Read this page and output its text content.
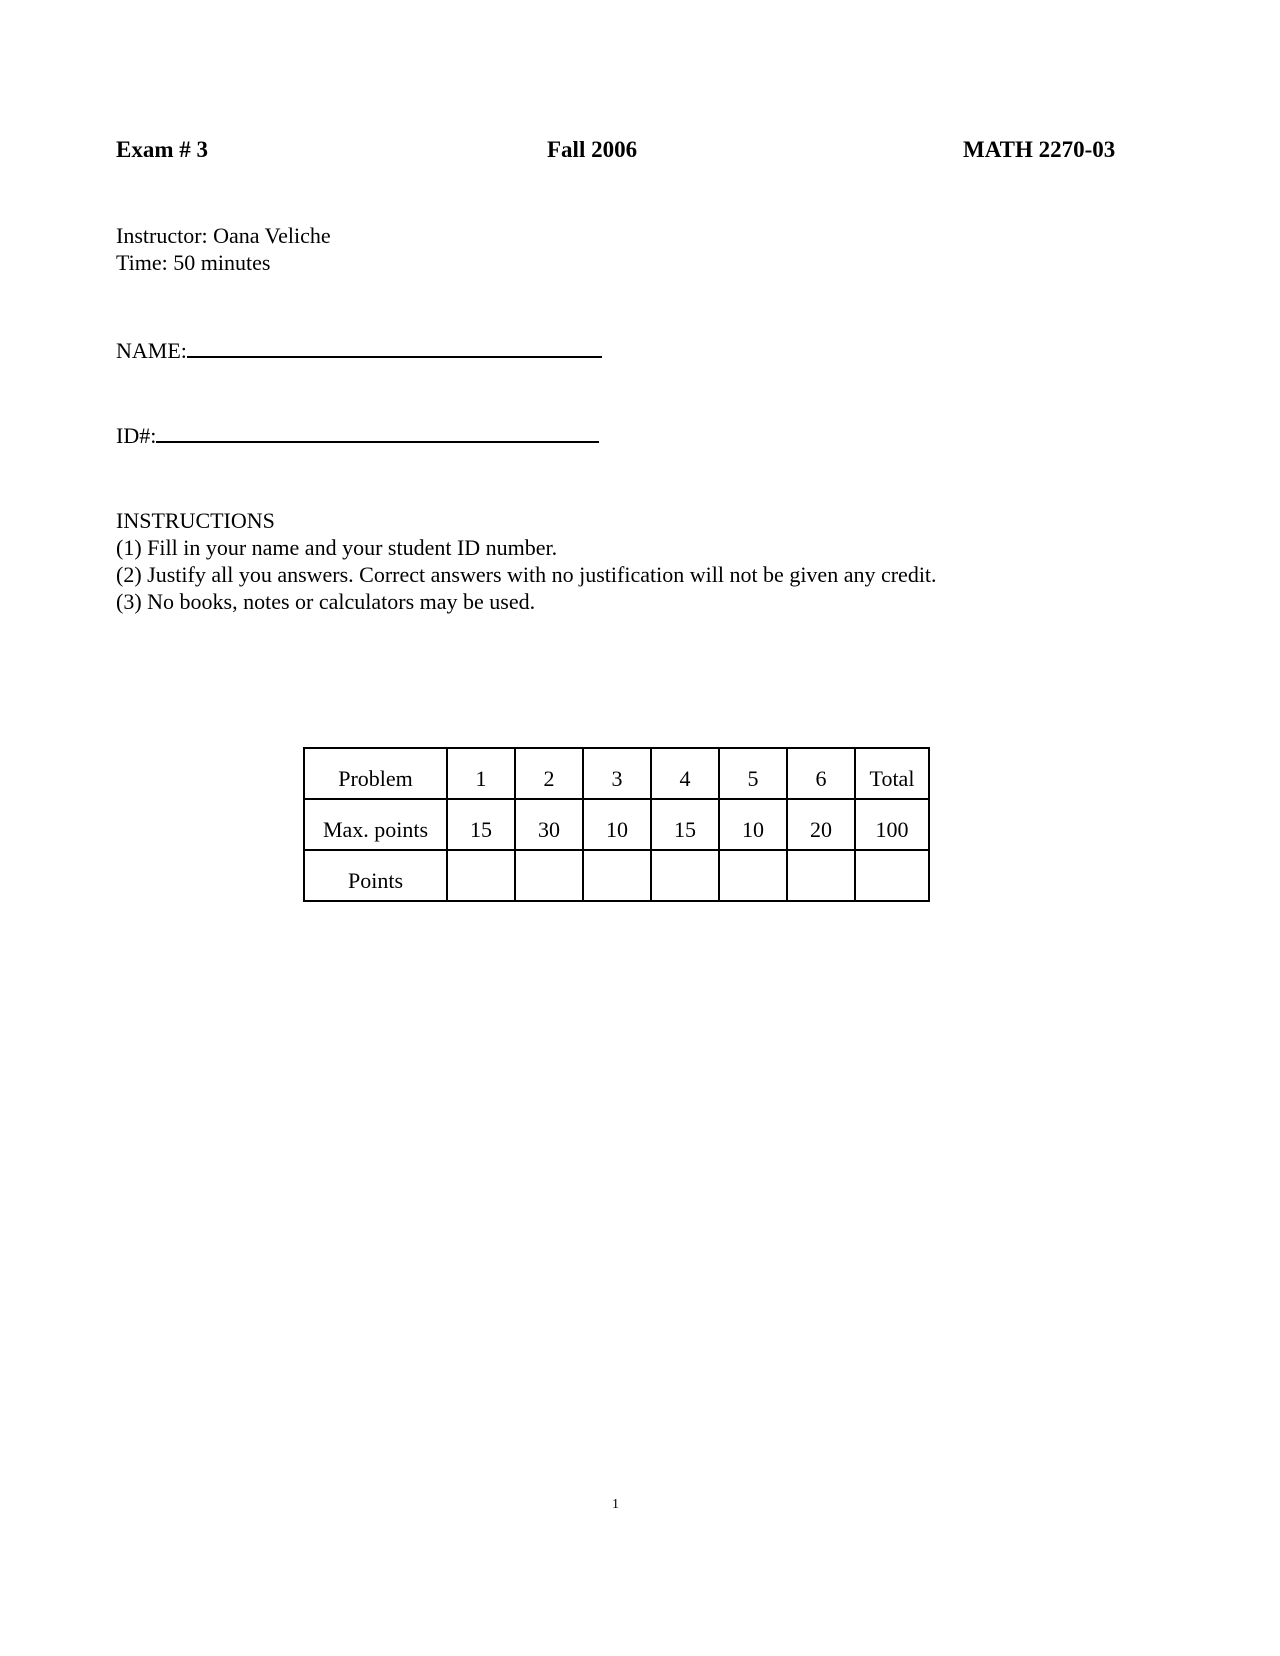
Exam # 3	Fall 2006	MATH 2270-03
Instructor: Oana Veliche
Time: 50 minutes
NAME:
ID#:
INSTRUCTIONS
(1) Fill in your name and your student ID number.
(2) Justify all you answers. Correct answers with no justification will not be given any credit.
(3) No books, notes or calculators may be used.
Problem	1	2	3	4	5	6	Total
Max. points	15	30	10	15	10	20	100
Points							
1
